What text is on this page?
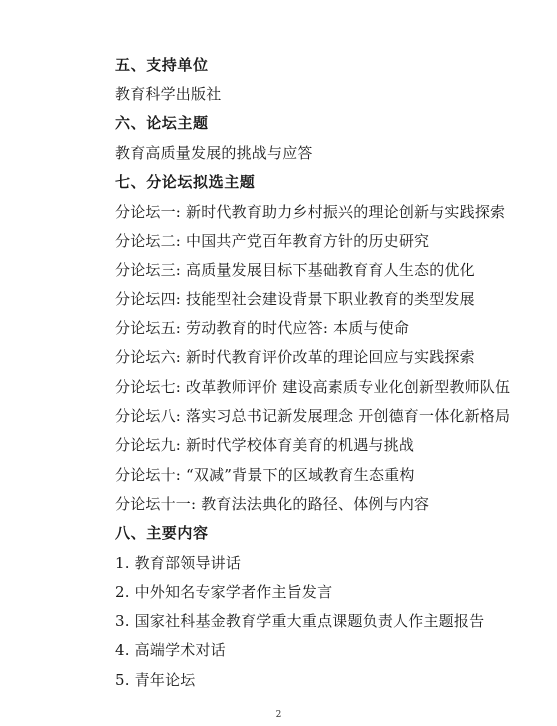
五、支持单位
教育科学出版社
六、论坛主题
教育高质量发展的挑战与应答
七、分论坛拟选主题
分论坛一: 新时代教育助力乡村振兴的理论创新与实践探索
分论坛二: 中国共产党百年教育方针的历史研究
分论坛三: 高质量发展目标下基础教育育人生态的优化
分论坛四: 技能型社会建设背景下职业教育的类型发展
分论坛五: 劳动教育的时代应答: 本质与使命
分论坛六: 新时代教育评价改革的理论回应与实践探索
分论坛七: 改革教师评价 建设高素质专业化创新型教师队伍
分论坛八: 落实习总书记新发展理念 开创德育一体化新格局
分论坛九: 新时代学校体育美育的机遇与挑战
分论坛十: “双减”背景下的区域教育生态重构
分论坛十一: 教育法法典化的路径、体例与内容
八、主要内容
1. 教育部领导讲话
2. 中外知名专家学者作主旨发言
3. 国家社科基金教育学重大重点课题负责人作主题报告
4. 高端学术对话
5. 青年论坛
2
